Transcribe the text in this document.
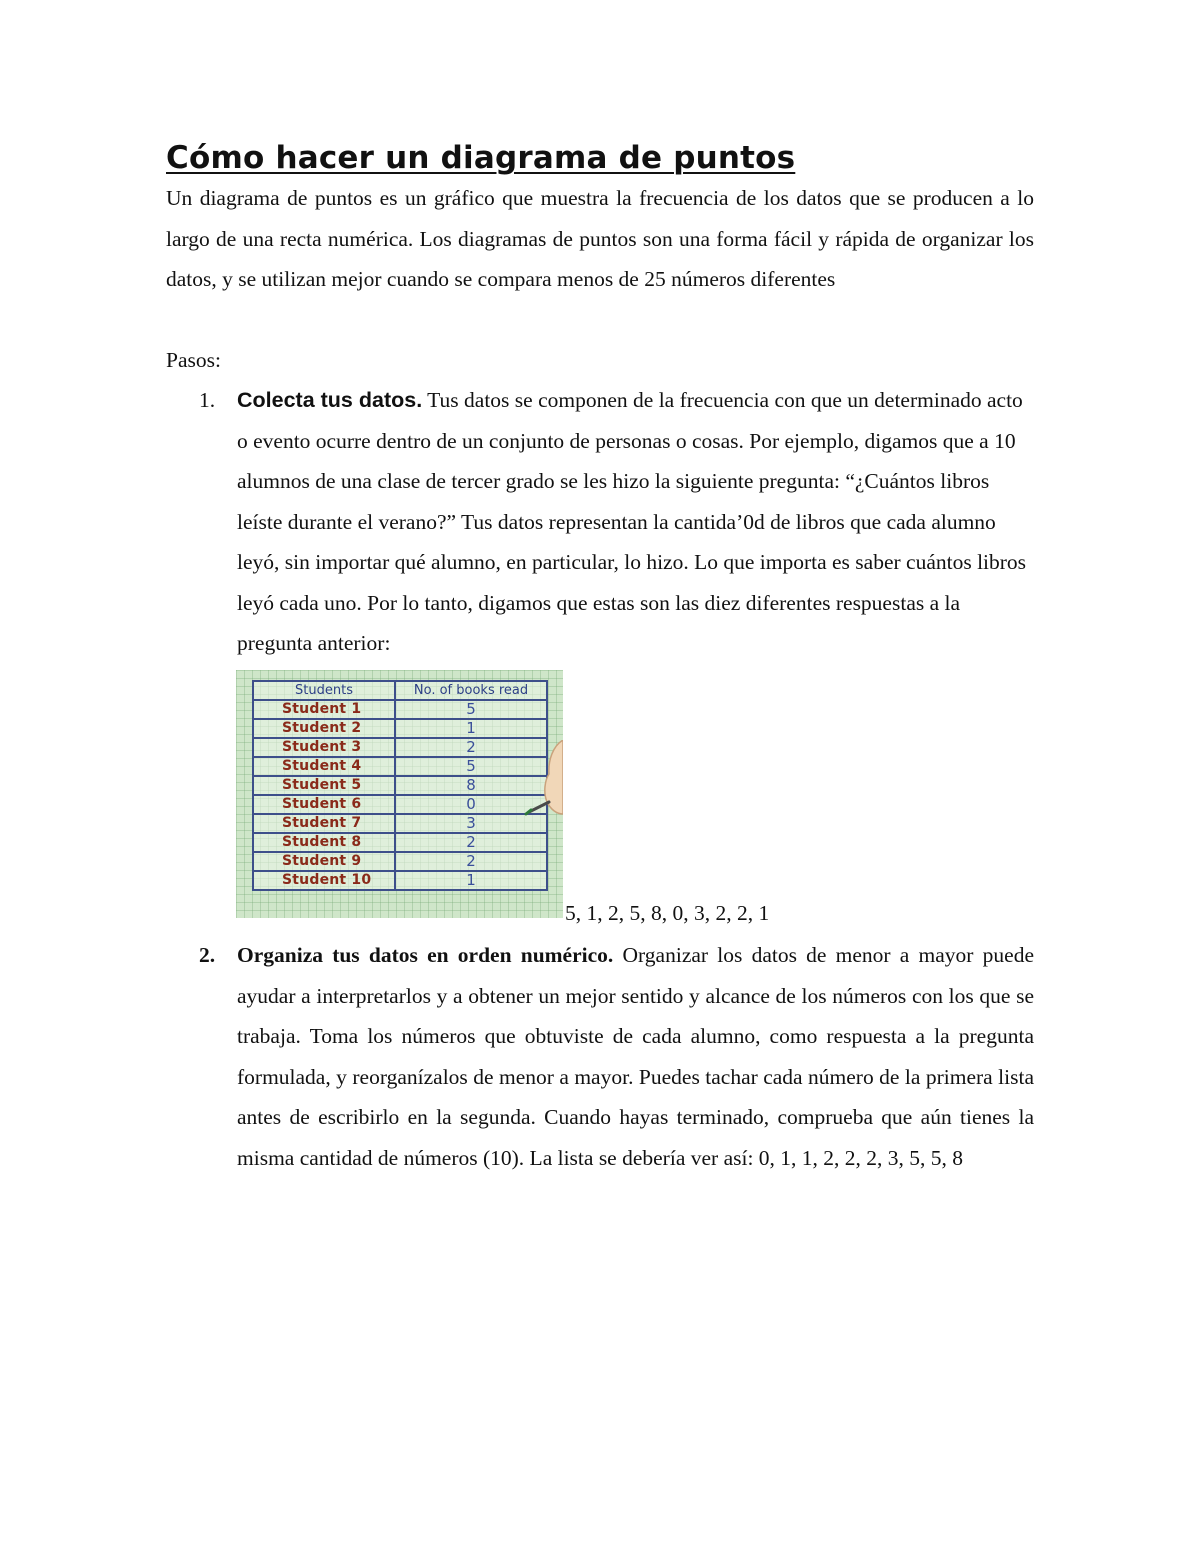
Cómo hacer un diagrama de puntos

Un diagrama de puntos es un gráfico que muestra la frecuencia de los datos que se producen a lo largo de una recta numérica. Los diagramas de puntos son una forma fácil y rápida de organizar los datos, y se utilizan mejor cuando se compara menos de 25 números diferentes

Pasos:

1. Colecta tus datos. Tus datos se componen de la frecuencia con que un determinado acto o evento ocurre dentro de un conjunto de personas o cosas. Por ejemplo, digamos que a 10 alumnos de una clase de tercer grado se les hizo la siguiente pregunta: “¿Cuántos libros leíste durante el verano?” Tus datos representan la cantida’0d de libros que cada alumno leyó, sin importar qué alumno, en particular, lo hizo. Lo que importa es saber cuántos libros leyó cada uno. Por lo tanto, digamos que estas son las diez diferentes respuestas a la pregunta anterior:

Students	No. of books read
Student 1	5
Student 2	1
Student 3	2
Student 4	5
Student 5	8
Student 6	0
Student 7	3
Student 8	2
Student 9	2
Student 10	1

5, 1, 2, 5, 8, 0, 3, 2, 2, 1

2. Organiza tus datos en orden numérico. Organizar los datos de menor a mayor puede ayudar a interpretarlos y a obtener un mejor sentido y alcance de los números con los que se trabaja. Toma los números que obtuviste de cada alumno, como respuesta a la pregunta formulada, y reorganízalos de menor a mayor. Puedes tachar cada número de la primera lista antes de escribirlo en la segunda. Cuando hayas terminado, comprueba que aún tienes la misma cantidad de números (10). La lista se debería ver así: 0, 1, 1, 2, 2, 2, 3, 5, 5, 8
